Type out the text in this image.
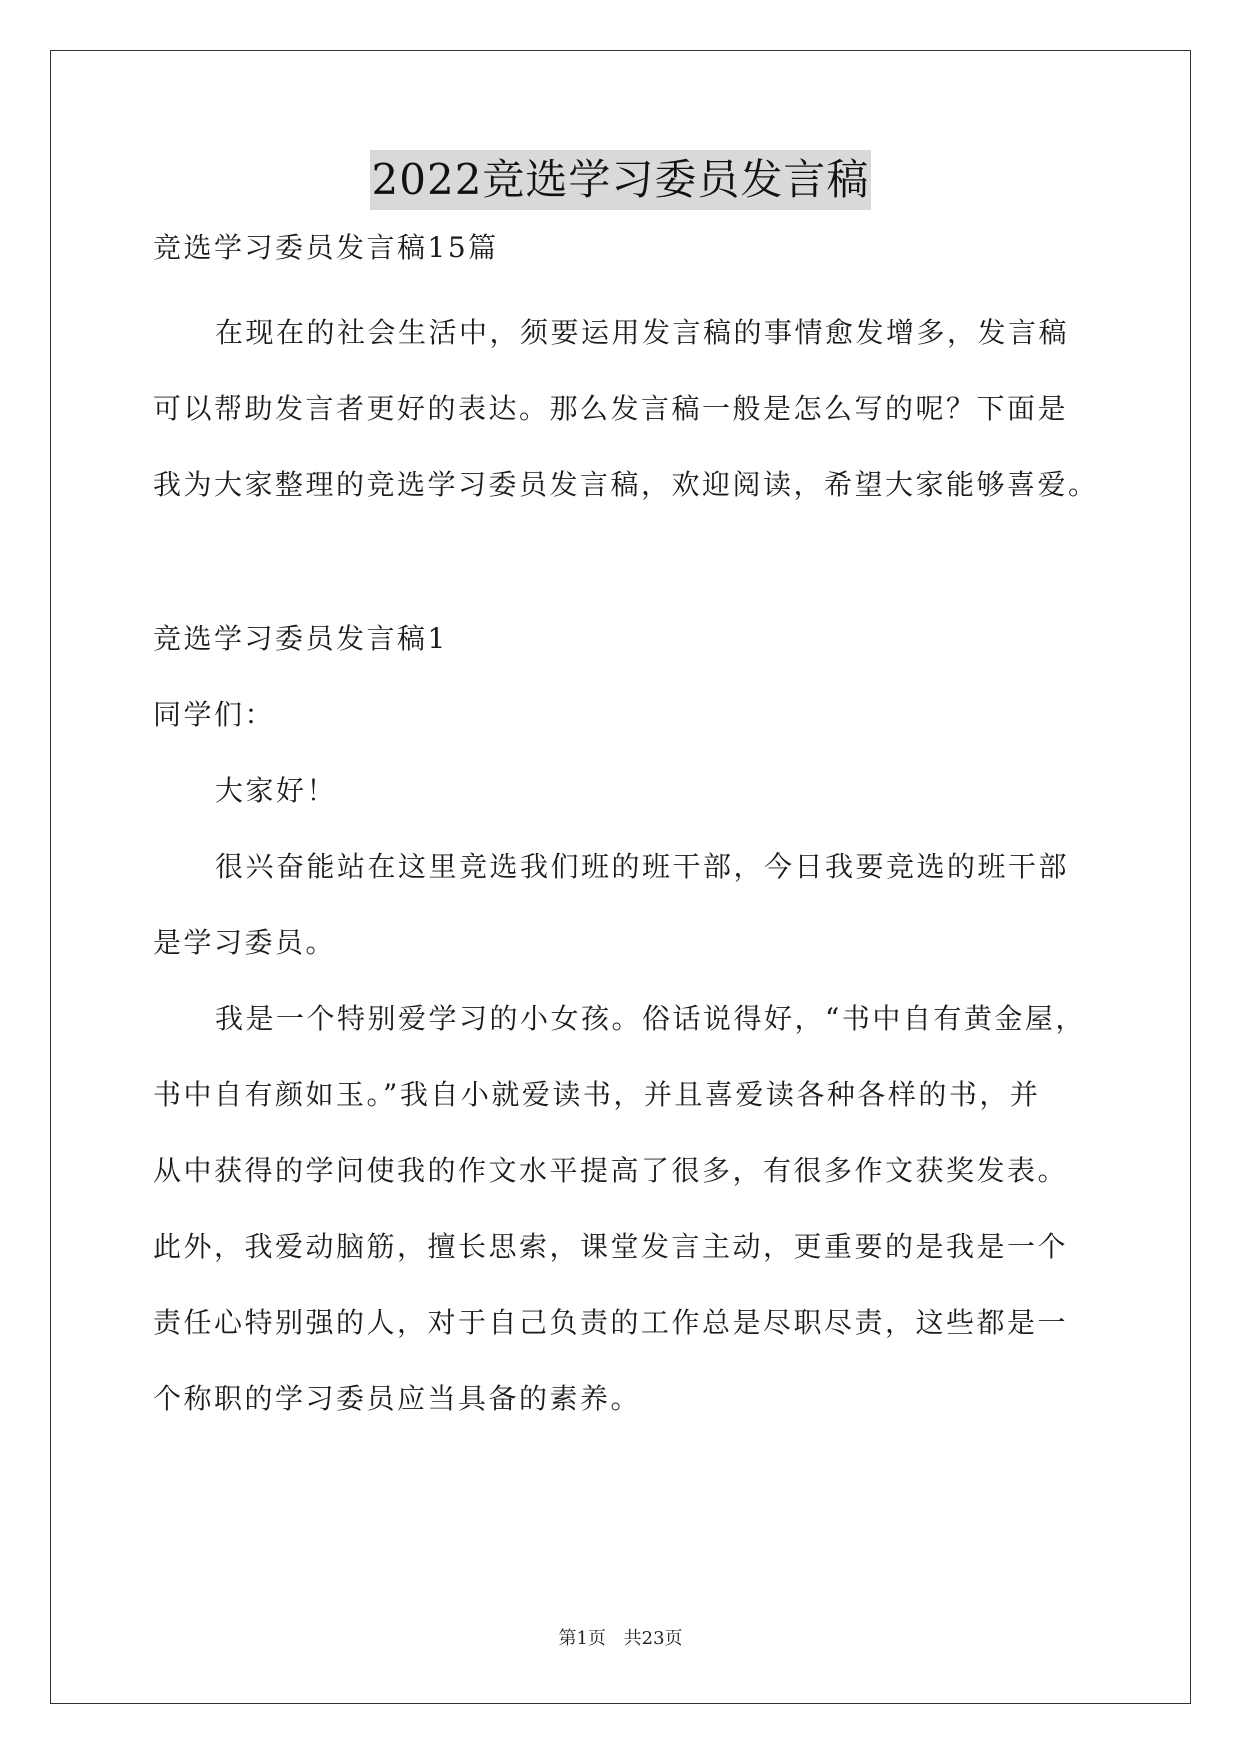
2022竞选学习委员发言稿
竞选学习委员发言稿15篇
在现在的社会生活中，须要运用发言稿的事情愈发增多，发言稿
可以帮助发言者更好的表达。那么发言稿一般是怎么写的呢？下面是
我为大家整理的竞选学习委员发言稿，欢迎阅读，希望大家能够喜爱。
竞选学习委员发言稿1
同学们：
大家好！
很兴奋能站在这里竞选我们班的班干部，今日我要竞选的班干部
是学习委员。
我是一个特别爱学习的小女孩。俗话说得好，“书中自有黄金屋，
书中自有颜如玉。”我自小就爱读书，并且喜爱读各种各样的书，并
从中获得的学问使我的作文水平提高了很多，有很多作文获奖发表。
此外，我爱动脑筋，擅长思索，课堂发言主动，更重要的是我是一个
责任心特别强的人，对于自己负责的工作总是尽职尽责，这些都是一
个称职的学习委员应当具备的素养。
第1页 共23页
